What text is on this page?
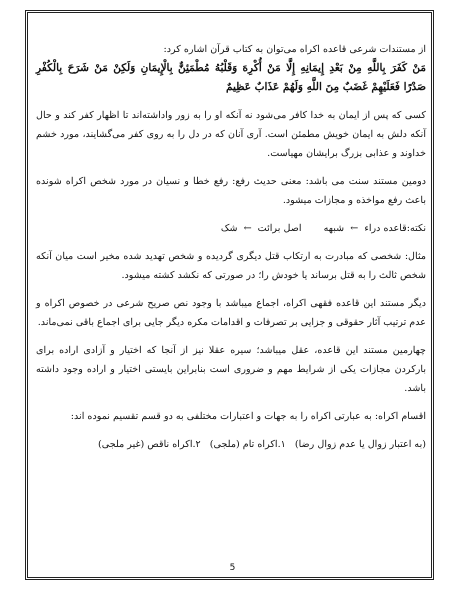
از مستندات شرعی قاعده اکراه می‌توان به کتاب قرآن اشاره کرد:
مَنْ كَفَرَ بِاللَّهِ مِنْ بَعْدِ إِيمَانِهِ إِلَّا مَنْ أُكْرِهَ وَقَلْبُهُ مُطْمَئِنٌّ بِالْإِيمَانِ وَلَكِنْ مَنْ شَرَحَ بِالْكُفْرِ صَدْرًا فَعَلَيْهِمْ غَضَبٌ مِنَ اللَّهِ وَلَهُمْ عَذَابٌ عَظِيمٌ

کسی که پس از ایمان به خدا کافر می‌شود نه آنکه او را به زور واداشته‌اند تا اظهار کفر کند و حال آنکه دلش به ایمان خویش مطمئن است. آری آنان که در دل را به روی کفر می‌گشایند، مورد خشم خداوند و عذابی بزرگ برایشان مهیاست.

دومین مستند سنت می باشد: معنی حدیث رفع: رفع خطا و نسیان در مورد شخص اکراه شونده باعث رفع مواخذه و مجازات میشود.

نکته:قاعده دراء ← شبهه  اصل برائت ← شک

مثال: شخصی که مبادرت به ارتکاب قتل دیگری گردیده و شخص تهدید شده مخیر است میان آنکه شخص ثالث را به قتل برساند یا خودش را؛ در صورتی که نکشد کشته میشود.

دیگر مستند این قاعده فقهی اکراه، اجماع میباشد با وجود نص صریح شرعی در خصوص اکراه و عدم ترتیب آثار حقوقی و جزایی بر تصرفات و اقدامات مکره دیگر جایی برای اجماع باقی نمی‌ماند.

چهارمین مستند این قاعده، عقل میباشد؛ سیره عقلا نیز از آنجا که اختیار و آزادی اراده برای بارکردن مجازات یکی از شرایط مهم و ضروری است بنابراین بایستی اختیار و اراده وجود داشته باشد.

اقسام اکراه: به عبارتی اکراه را به جهات و اعتبارات مختلفی به دو قسم تقسیم نموده اند:

(به اعتبار زوال یا عدم زوال رضا) ۱.اکراه تام (ملجی) ۲.اکراه ناقص (غیر ملجی)
5
